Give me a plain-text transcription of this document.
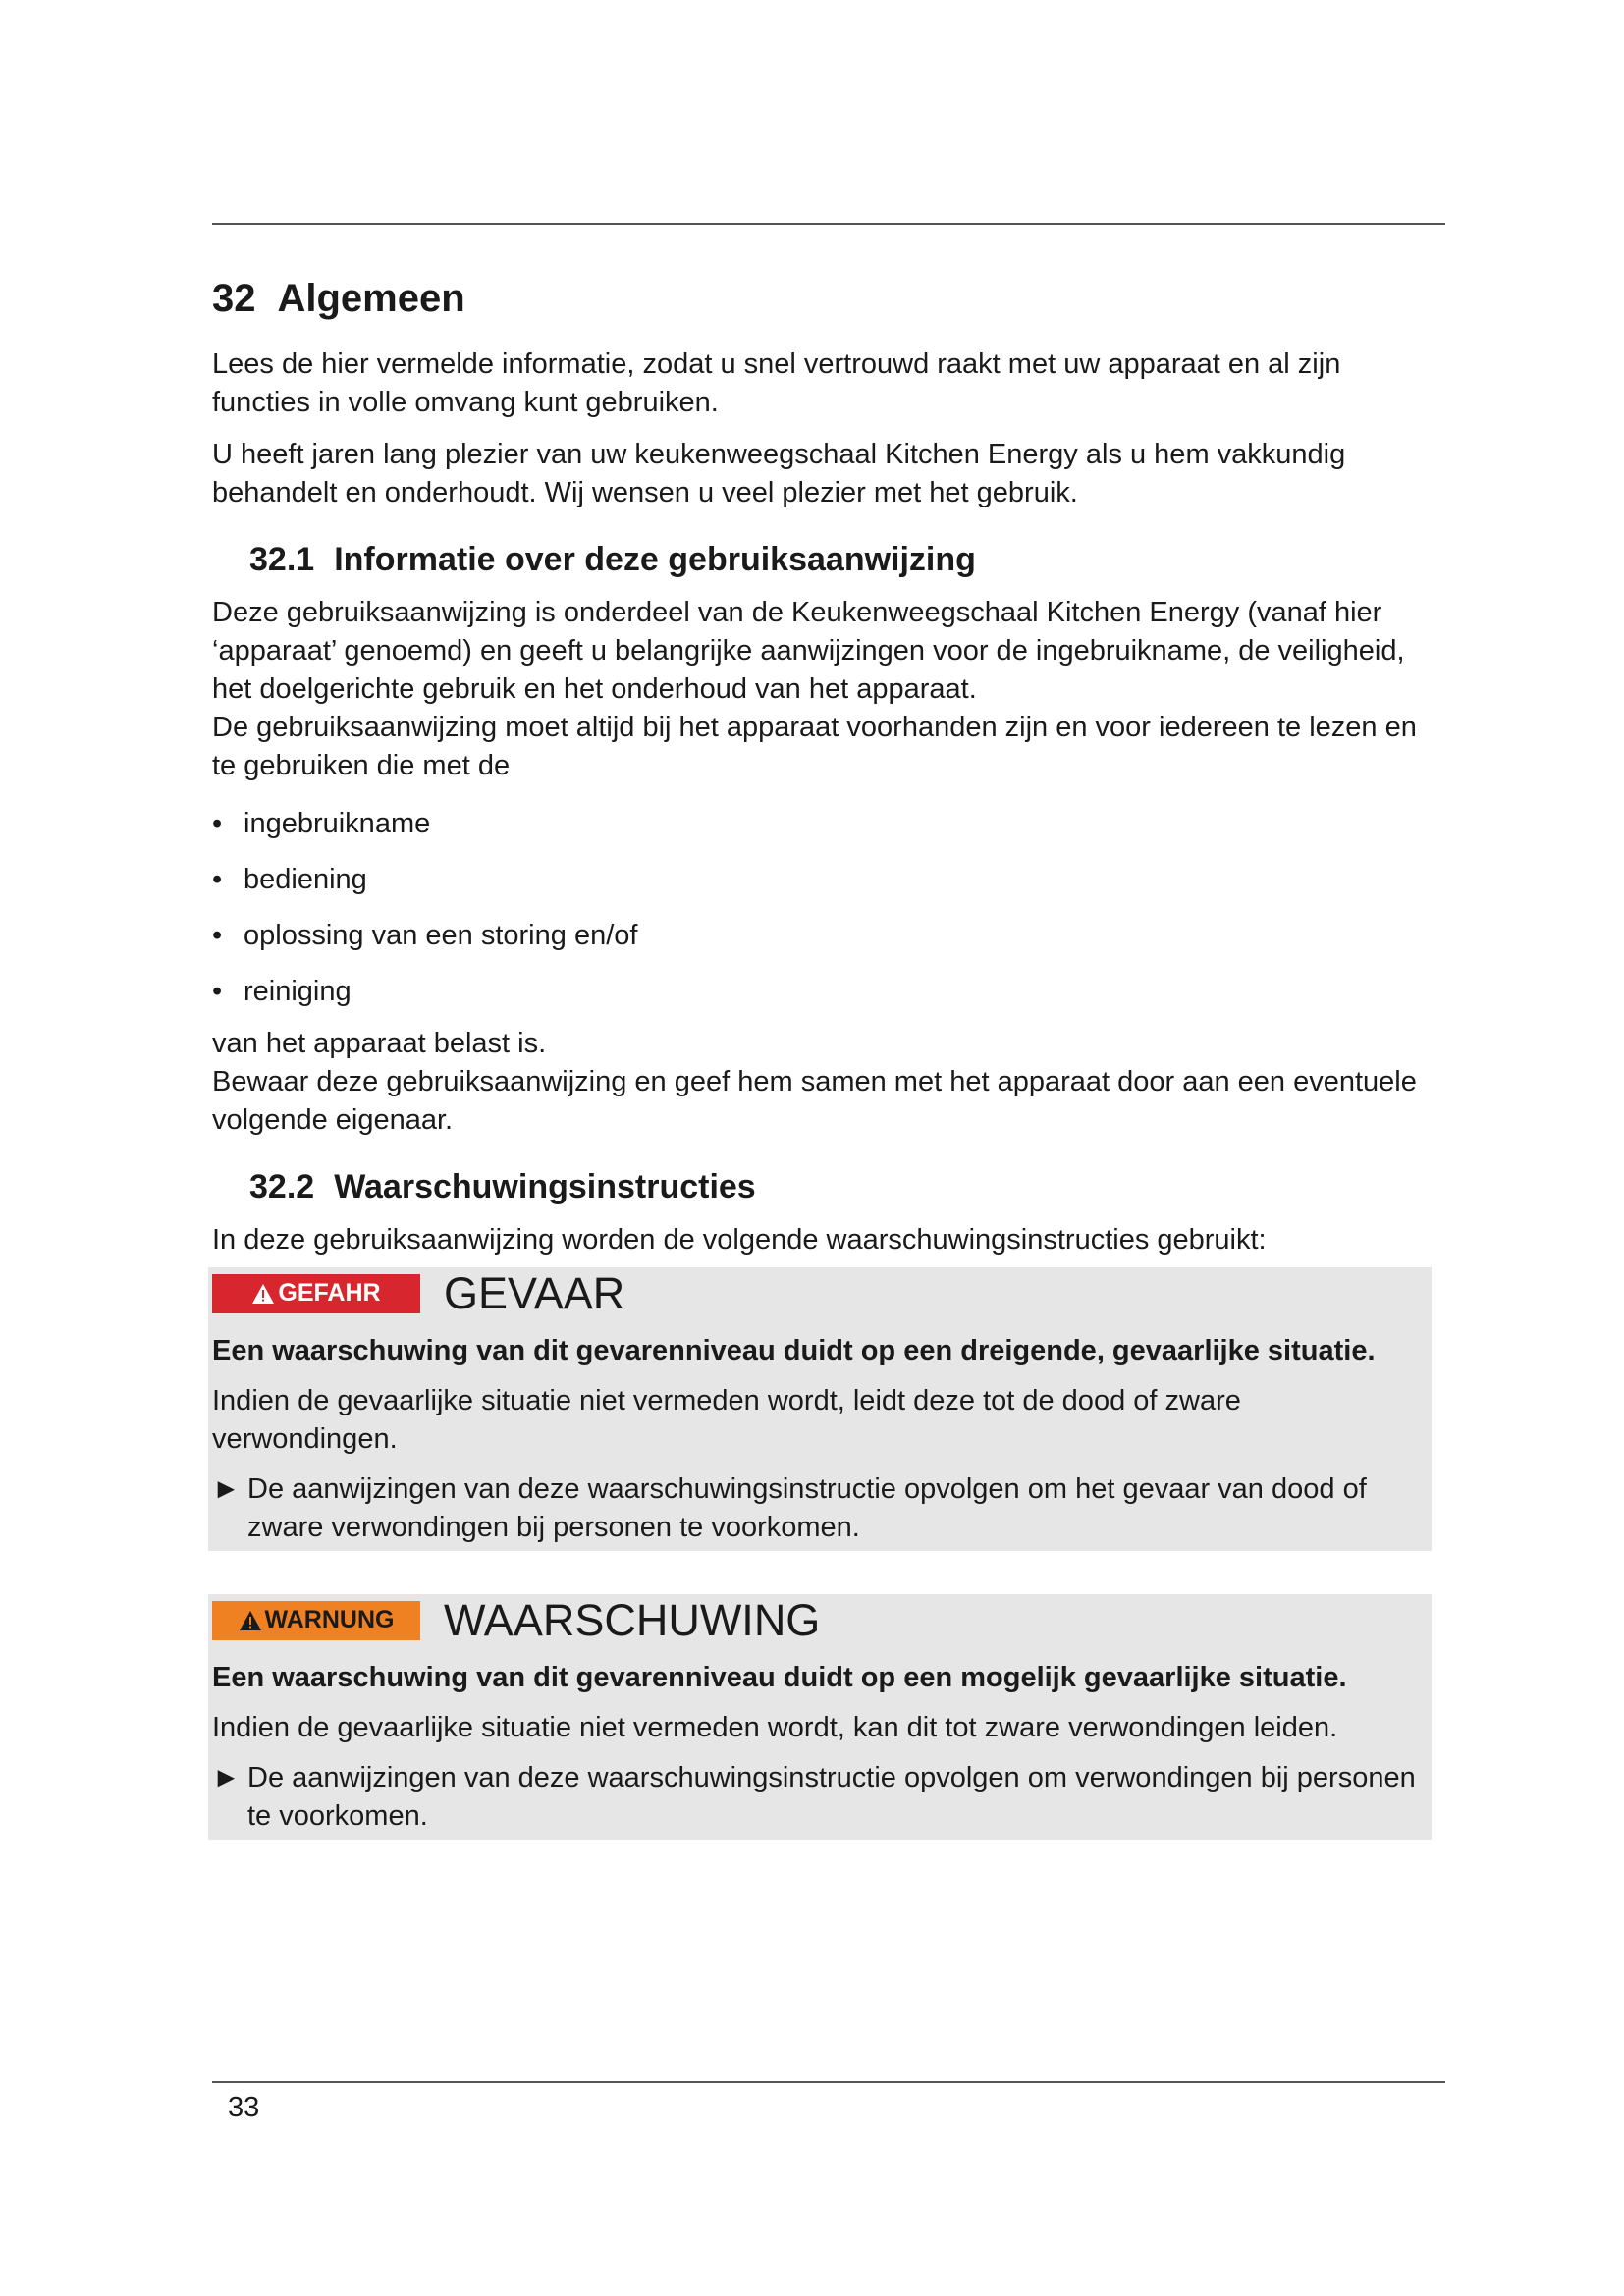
32 Algemeen

Lees de hier vermelde informatie, zodat u snel vertrouwd raakt met uw apparaat en al zijn functies in volle omvang kunt gebruiken.

U heeft jaren lang plezier van uw keukenweegschaal Kitchen Energy als u hem vakkundig behandelt en onderhoudt. Wij wensen u veel plezier met het gebruik.

32.1 Informatie over deze gebruiksaanwijzing

Deze gebruiksaanwijzing is onderdeel van de Keukenweegschaal Kitchen Energy (vanaf hier ‘apparaat’ genoemd) en geeft u belangrijke aanwijzingen voor de ingebruikname, de veiligheid, het doelgerichte gebruik en het onderhoud van het apparaat.

De gebruiksaanwijzing moet altijd bij het apparaat voorhanden zijn en voor iedereen te lezen en te gebruiken die met de

• ingebruikname
• bediening
• oplossing van een storing en/of
• reiniging

van het apparaat belast is.

Bewaar deze gebruiksaanwijzing en geef hem samen met het apparaat door aan een eventuele volgende eigenaar.

32.2 Waarschuwingsinstructies

In deze gebruiksaanwijzing worden de volgende waarschuwingsinstructies gebruikt:

GEFAHR GEVAAR
Een waarschuwing van dit gevarenniveau duidt op een dreigende, gevaarlijke situatie.
Indien de gevaarlijke situatie niet vermeden wordt, leidt deze tot de dood of zware verwondingen.
► De aanwijzingen van deze waarschuwingsinstructie opvolgen om het gevaar van dood of zware verwondingen bij personen te voorkomen.
WARNUNG WAARSCHUWING
Een waarschuwing van dit gevarenniveau duidt op een mogelijk gevaarlijke situatie.
Indien de gevaarlijke situatie niet vermeden wordt, kan dit tot zware verwondingen leiden.
► De aanwijzingen van deze waarschuwingsinstructie opvolgen om verwondingen bij personen te voorkomen.
33
